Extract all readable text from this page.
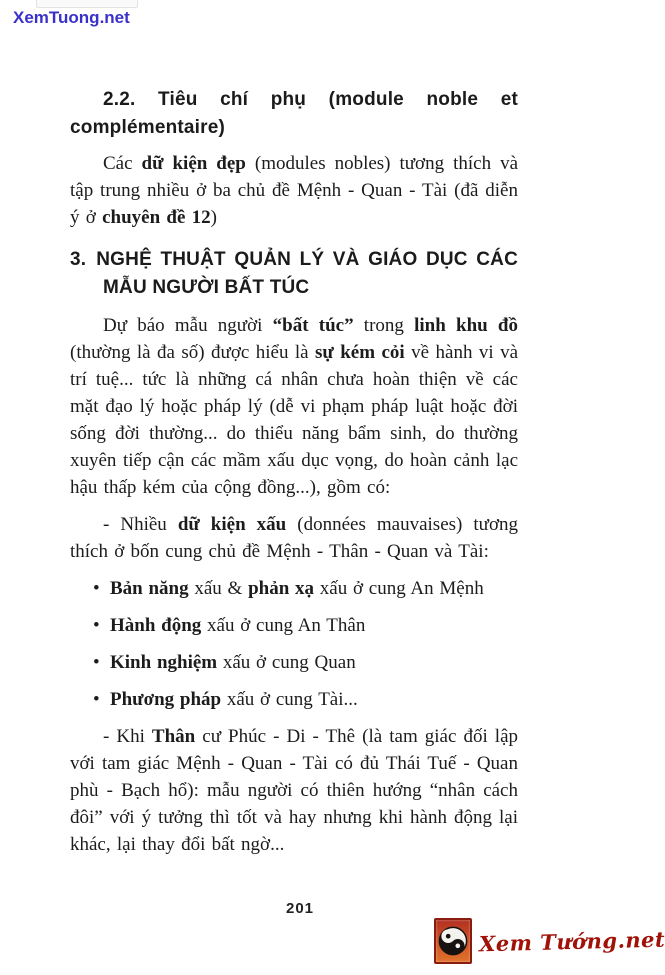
XemTuong.net
2.2. Tiêu chí phụ (module noble et complémentaire)

Các dữ kiện đẹp (modules nobles) tương thích và tập trung nhiều ở ba chủ đề Mệnh - Quan - Tài (đã diễn ý ở chuyên đề 12)

3. NGHỆ THUẬT QUẢN LÝ VÀ GIÁO DỤC CÁC MẪU NGƯỜI BẤT TÚC

Dự báo mẫu người “bất túc” trong linh khu đồ (thường là đa số) được hiểu là sự kém cỏi về hành vi và trí tuệ... tức là những cá nhân chưa hoàn thiện về các mặt đạo lý hoặc pháp lý (dễ vi phạm pháp luật hoặc đời sống đời thường... do thiểu năng bẩm sinh, do thường xuyên tiếp cận các mầm xấu dục vọng, do hoàn cảnh lạc hậu thấp kém của cộng đồng...), gồm có:

- Nhiều dữ kiện xấu (données mauvaises) tương thích ở bốn cung chủ đề Mệnh - Thân - Quan và Tài:

• Bản năng xấu & phản xạ xấu ở cung An Mệnh
• Hành động xấu ở cung An Thân
• Kinh nghiệm xấu ở cung Quan
• Phương pháp xấu ở cung Tài...

- Khi Thân cư Phúc - Di - Thê (là tam giác đối lập với tam giác Mệnh - Quan - Tài có đủ Thái Tuế - Quan phù - Bạch hổ): mẫu người có thiên hướng “nhân cách đôi” với ý tưởng thì tốt và hay nhưng khi hành động lại khác, lại thay đổi bất ngờ...

201
Xem Tướng.net
